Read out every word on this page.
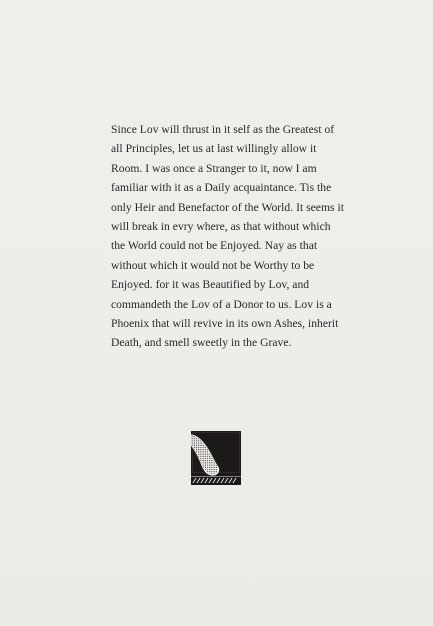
Since Lov will thrust in it self as the Greatest of
all Principles, let us at last willingly allow it
Room. I was once a Stranger to it, now I am
familiar with it as a Daily acquaintance. Tis the
only Heir and Benefactor of the World. It seems it
will break in evry where, as that without which
the World could not be Enjoyed. Nay as that
without which it would not be Worthy to be
Enjoyed. for it was Beautified by Lov, and
commandeth the Lov of a Donor to us. Lov is a
Phoenix that will revive in its own Ashes, inherit
Death, and smell sweetly in the Grave.
